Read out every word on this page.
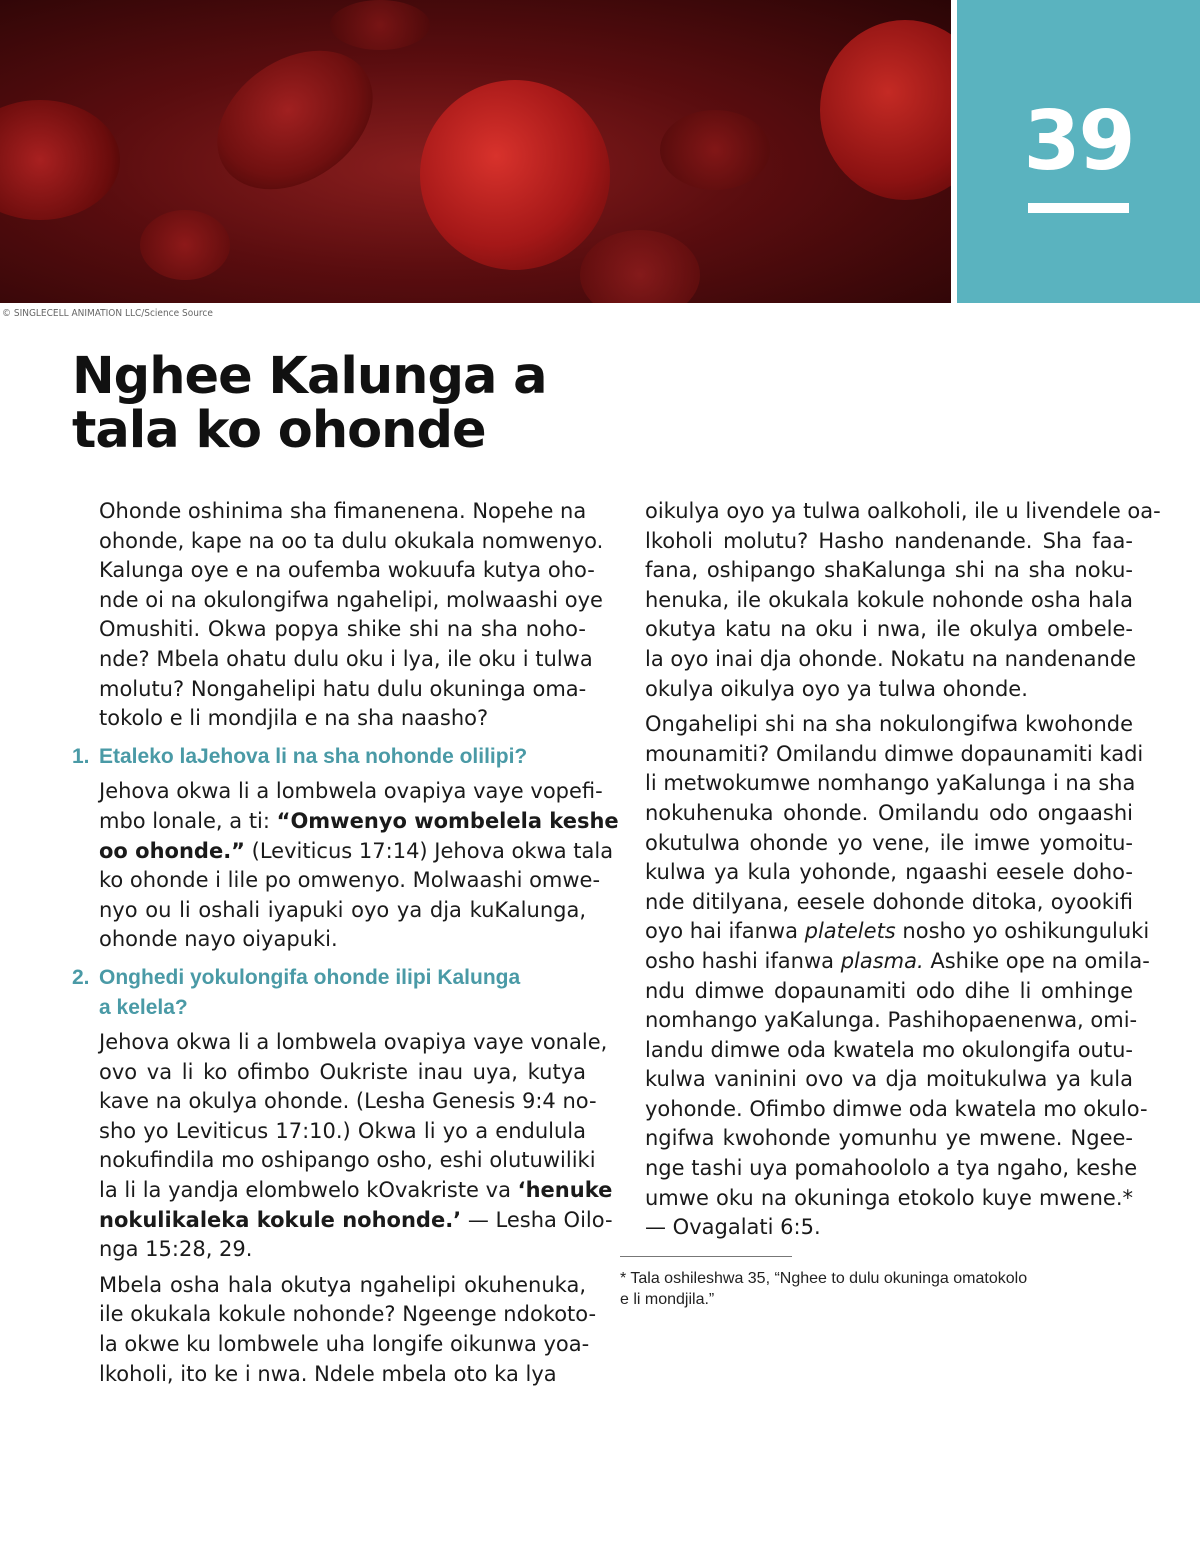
39
© SINGLECELL ANIMATION LLC/Science Source
Nghee Kalunga a
tala ko ohonde
Ohonde oshinima sha fimanenena. Nopehe na
ohonde, kape na oo ta dulu okukala nomwenyo.
Kalunga oye e na oufemba wokuufa kutya oho-
nde oi na okulongifwa ngahelipi, molwaashi oye
Omushiti. Okwa popya shike shi na sha noho-
nde? Mbela ohatu dulu oku i lya, ile oku i tulwa
molutu? Nongahelipi hatu dulu okuninga oma-
tokolo e li mondjila e na sha naasho?
1. Etaleko laJehova li na sha nohonde olilipi?
Jehova okwa li a lombwela ovapiya vaye vopefi-
mbo lonale, a ti: “Omwenyo wombelela keshe
oo ohonde.” (Leviticus 17:14) Jehova okwa tala
ko ohonde i lile po omwenyo. Molwaashi omwe-
nyo ou li oshali iyapuki oyo ya dja kuKalunga,
ohonde nayo oiyapuki.
2. Onghedi yokulongifa ohonde ilipi Kalunga
a kelela?
Jehova okwa li a lombwela ovapiya vaye vonale,
ovo va li ko ofimbo Oukriste inau uya, kutya
kave na okulya ohonde. (Lesha Genesis 9:4 no-
sho yo Leviticus 17:10.) Okwa li yo a endulula
nokufindila mo oshipango osho, eshi olutuwiliki
la li la yandja elombwelo kOvakriste va ‘henuke
nokulikaleka kokule nohonde.’ — Lesha Oilo-
nga 15:28, 29.
Mbela osha hala okutya ngahelipi okuhenuka,
ile okukala kokule nohonde? Ngeenge ndokoto-
la okwe ku lombwele uha longife oikunwa yoa-
lkoholi, ito ke i nwa. Ndele mbela oto ka lya
oikulya oyo ya tulwa oalkoholi, ile u livendele oa-
lkoholi molutu? Hasho nandenande. Sha faa-
fana, oshipango shaKalunga shi na sha noku-
henuka, ile okukala kokule nohonde osha hala
okutya katu na oku i nwa, ile okulya ombele-
la oyo inai dja ohonde. Nokatu na nandenande
okulya oikulya oyo ya tulwa ohonde.
Ongahelipi shi na sha nokulongifwa kwohonde
mounamiti? Omilandu dimwe dopaunamiti kadi
li metwokumwe nomhango yaKalunga i na sha
nokuhenuka ohonde. Omilandu odo ongaashi
okutulwa ohonde yo vene, ile imwe yomoitu-
kulwa ya kula yohonde, ngaashi eesele doho-
nde ditilyana, eesele dohonde ditoka, oyookifi
oyo hai ifanwa platelets nosho yo oshikunguluki
osho hashi ifanwa plasma. Ashike ope na omila-
ndu dimwe dopaunamiti odo dihe li omhinge
nomhango yaKalunga. Pashihopaenenwa, omi-
landu dimwe oda kwatela mo okulongifa outu-
kulwa vaninini ovo va dja moitukulwa ya kula
yohonde. Ofimbo dimwe oda kwatela mo okulo-
ngifwa kwohonde yomunhu ye mwene. Ngee-
nge tashi uya pomahoololo a tya ngaho, keshe
umwe oku na okuninga etokolo kuye mwene.*
— Ovagalati 6:5.
* Tala oshileshwa 35, “Nghee to dulu okuninga omatokolo
e li mondjila.”
